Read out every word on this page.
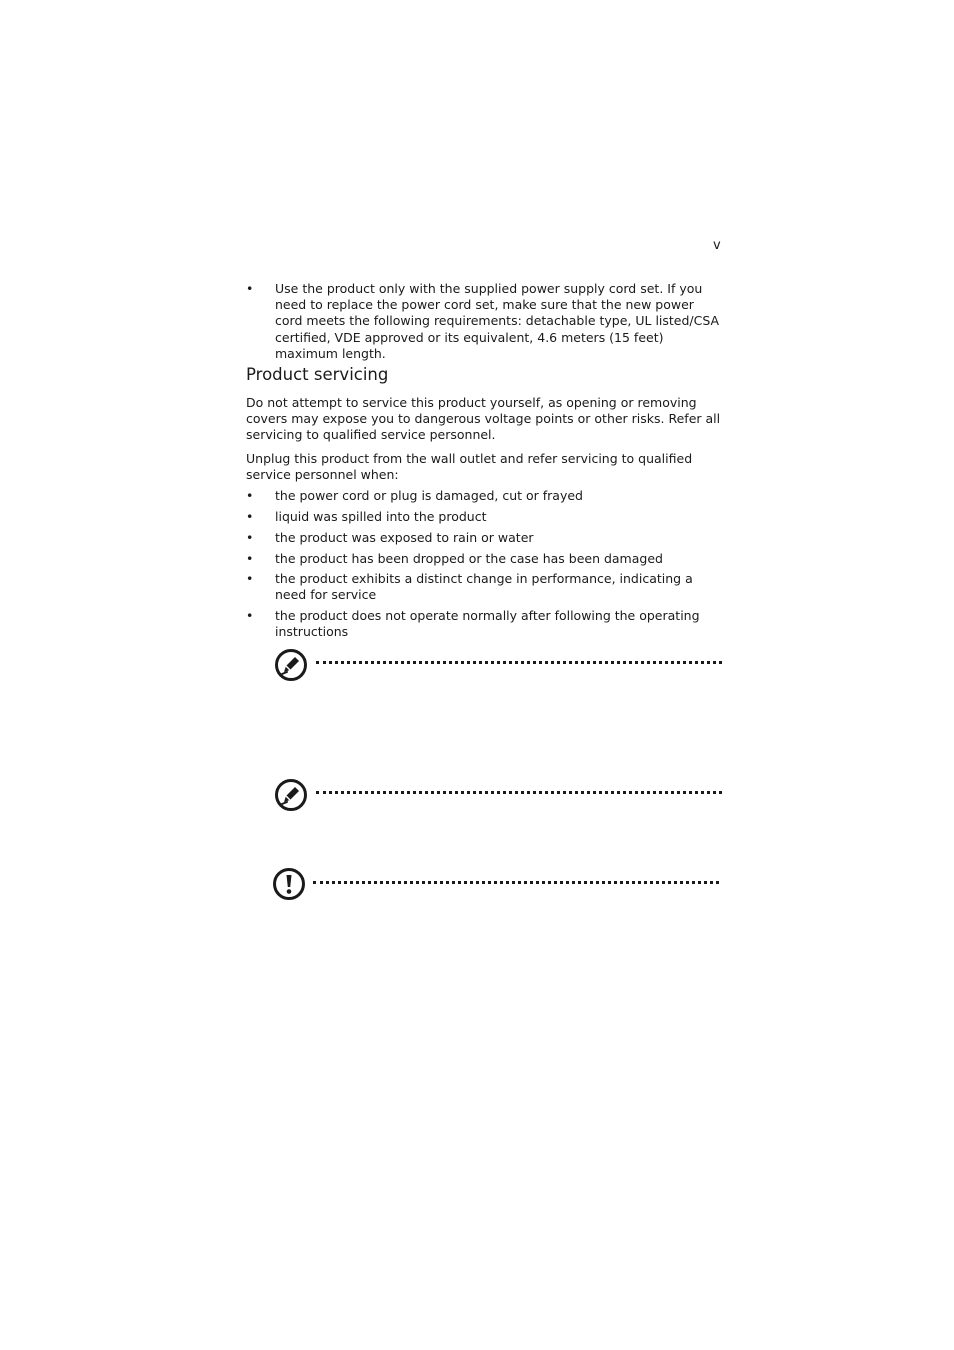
v
•	Use the product only with the supplied power supply cord set. If you need to replace the power cord set, make sure that the new power cord meets the following requirements: detachable type, UL listed/CSA certified, VDE approved or its equivalent, 4.6 meters (15 feet) maximum length.
Product servicing
Do not attempt to service this product yourself, as opening or removing covers may expose you to dangerous voltage points or other risks. Refer all servicing to qualified service personnel.
Unplug this product from the wall outlet and refer servicing to qualified service personnel when:
•	the power cord or plug is damaged, cut or frayed
•	liquid was spilled into the product
•	the product was exposed to rain or water
•	the product has been dropped or the case has been damaged
•	the product exhibits a distinct change in performance, indicating a need for service
•	the product does not operate normally after following the operating instructions
